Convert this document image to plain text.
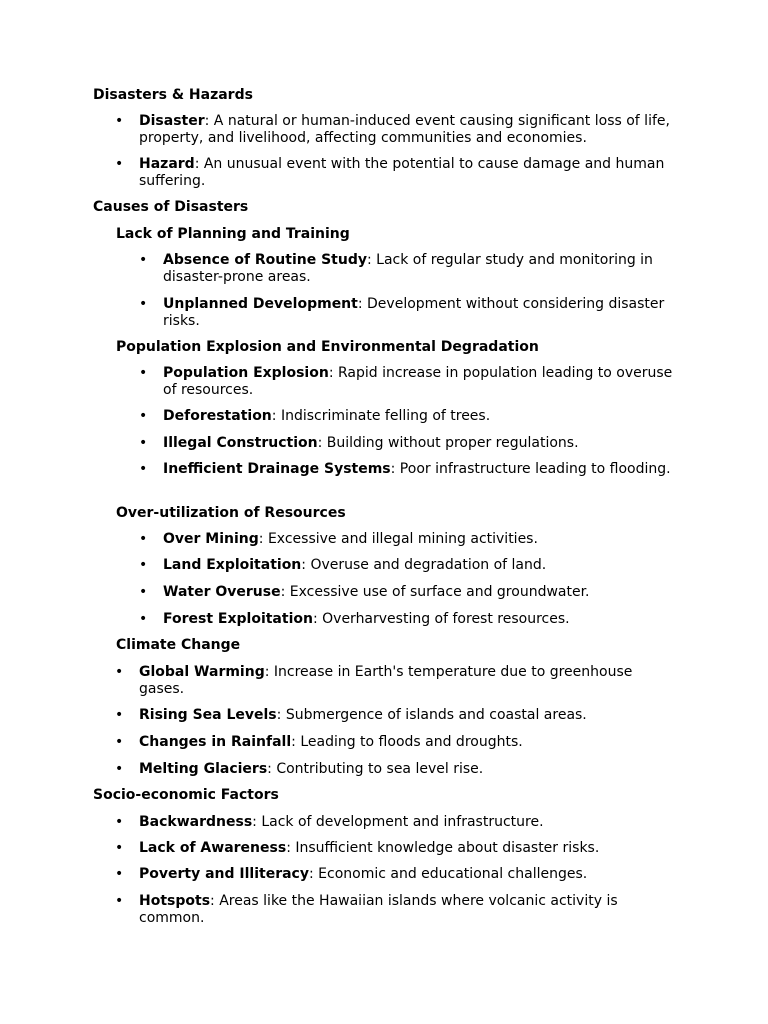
Disasters & Hazards
• Disaster: A natural or human-induced event causing significant loss of life, property, and livelihood, affecting communities and economies.
• Hazard: An unusual event with the potential to cause damage and human suffering.
Causes of Disasters
Lack of Planning and Training
• Absence of Routine Study: Lack of regular study and monitoring in disaster-prone areas.
• Unplanned Development: Development without considering disaster risks.
Population Explosion and Environmental Degradation
• Population Explosion: Rapid increase in population leading to overuse of resources.
• Deforestation: Indiscriminate felling of trees.
• Illegal Construction: Building without proper regulations.
• Inefficient Drainage Systems: Poor infrastructure leading to flooding.
Over-utilization of Resources
• Over Mining: Excessive and illegal mining activities.
• Land Exploitation: Overuse and degradation of land.
• Water Overuse: Excessive use of surface and groundwater.
• Forest Exploitation: Overharvesting of forest resources.
Climate Change
• Global Warming: Increase in Earth's temperature due to greenhouse gases.
• Rising Sea Levels: Submergence of islands and coastal areas.
• Changes in Rainfall: Leading to floods and droughts.
• Melting Glaciers: Contributing to sea level rise.
Socio-economic Factors
• Backwardness: Lack of development and infrastructure.
• Lack of Awareness: Insufficient knowledge about disaster risks.
• Poverty and Illiteracy: Economic and educational challenges.
• Hotspots: Areas like the Hawaiian islands where volcanic activity is common.
